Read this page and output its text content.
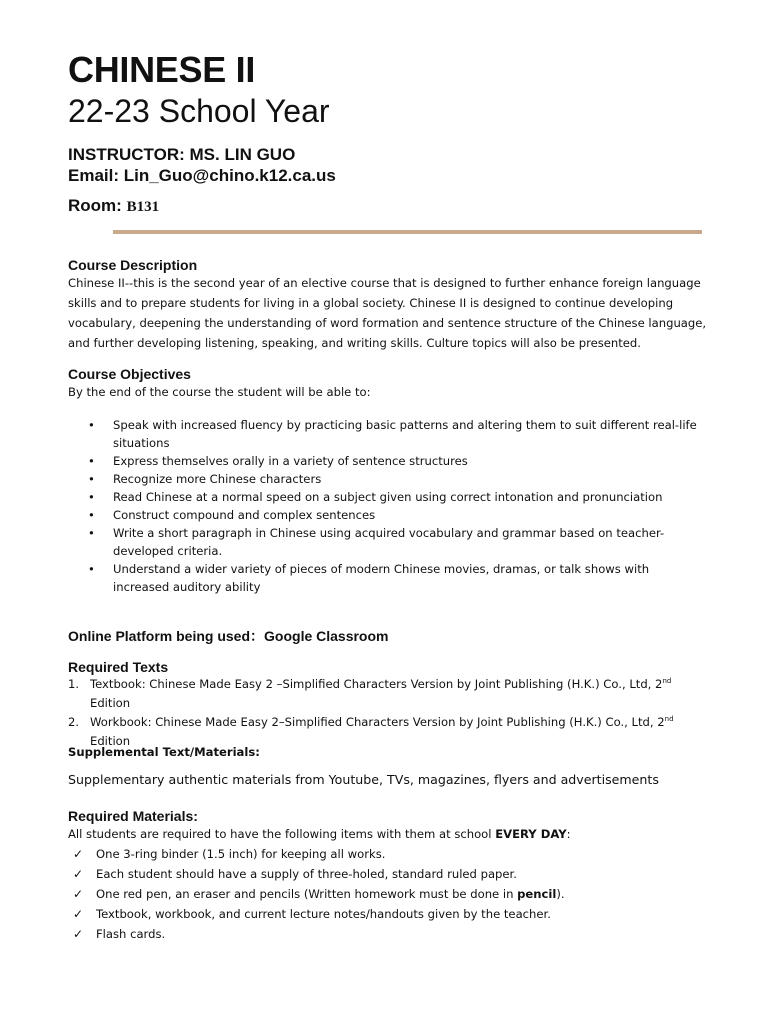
CHINESE II
22-23 School Year
INSTRUCTOR: MS. LIN GUO
Email: Lin_Guo@chino.k12.ca.us
Room: B131
Course Description
Chinese II--this is the second year of an elective course that is designed to further enhance foreign language
skills and to prepare students for living in a global society. Chinese II is designed to continue developing
vocabulary, deepening the understanding of word formation and sentence structure of the Chinese language,
and further developing listening, speaking, and writing skills. Culture topics will also be presented.
Course Objectives
By the end of the course the student will be able to:
• Speak with increased fluency by practicing basic patterns and altering them to suit different real-life situations
• Express themselves orally in a variety of sentence structures
• Recognize more Chinese characters
• Read Chinese at a normal speed on a subject given using correct intonation and pronunciation
• Construct compound and complex sentences
• Write a short paragraph in Chinese using acquired vocabulary and grammar based on teacher-developed criteria.
• Understand a wider variety of pieces of modern Chinese movies, dramas, or talk shows with increased auditory ability
Online Platform being used：Google Classroom
Required Texts
1. Textbook: Chinese Made Easy 2 –Simplified Characters Version by Joint Publishing (H.K.) Co., Ltd, 2nd Edition
2. Workbook: Chinese Made Easy 2–Simplified Characters Version by Joint Publishing (H.K.) Co., Ltd, 2nd Edition
Supplemental Text/Materials:
Supplementary authentic materials from Youtube, TVs, magazines, flyers and advertisements
Required Materials:
All students are required to have the following items with them at school EVERY DAY:
✓ One 3-ring binder (1.5 inch) for keeping all works.
✓ Each student should have a supply of three-holed, standard ruled paper.
✓ One red pen, an eraser and pencils (Written homework must be done in pencil).
✓ Textbook, workbook, and current lecture notes/handouts given by the teacher.
✓ Flash cards.
